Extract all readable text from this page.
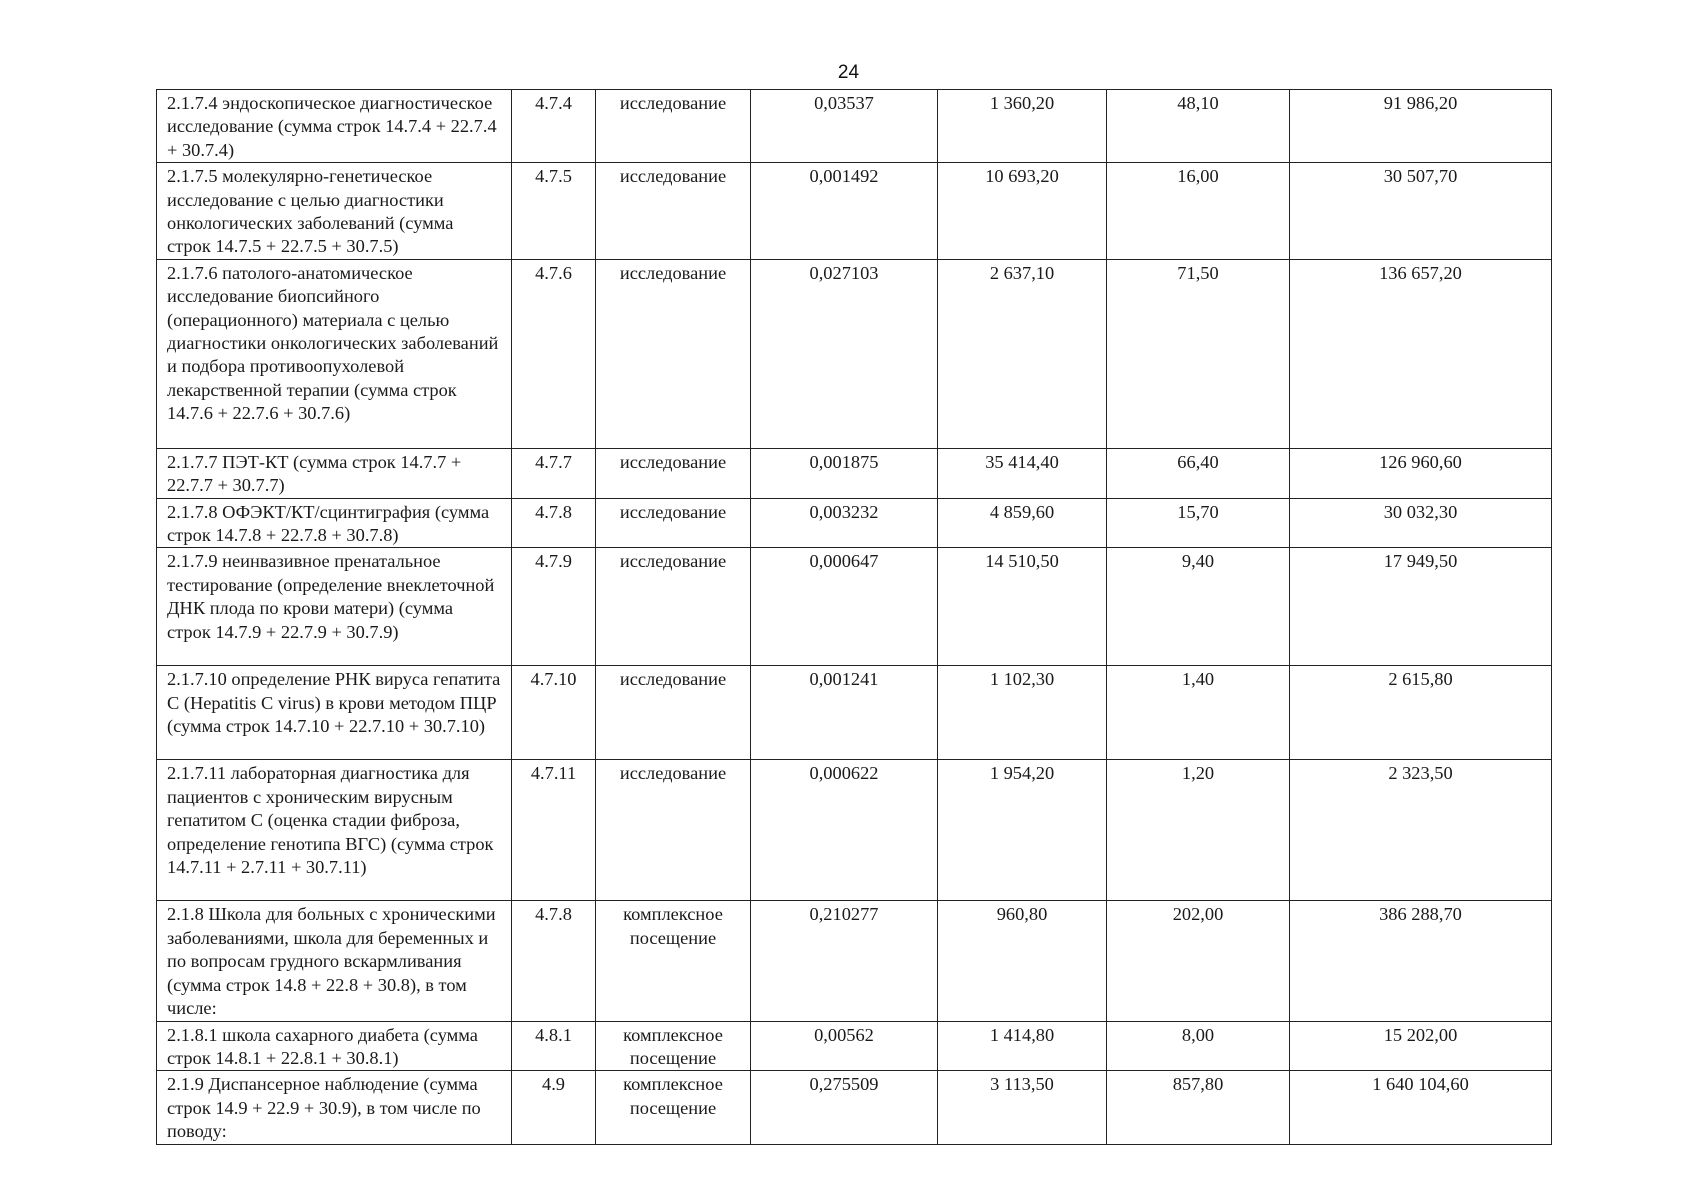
24
2.1.7.4 эндоскопическое диагностическое исследование (сумма строк 14.7.4 + 22.7.4 + 30.7.4)	4.7.4	исследование	0,03537	1 360,20	48,10	91 986,20
2.1.7.5 молекулярно-генетическое исследование с целью диагностики онкологических заболеваний (сумма строк 14.7.5 + 22.7.5 + 30.7.5)	4.7.5	исследование	0,001492	10 693,20	16,00	30 507,70
2.1.7.6 патолого-анатомическое исследование биопсийного (операционного) материала с целью диагностики онкологических заболеваний и подбора противоопухолевой лекарственной терапии (сумма строк 14.7.6 + 22.7.6 + 30.7.6)	4.7.6	исследование	0,027103	2 637,10	71,50	136 657,20
2.1.7.7 ПЭТ-КТ (сумма строк 14.7.7 + 22.7.7 + 30.7.7)	4.7.7	исследование	0,001875	35 414,40	66,40	126 960,60
2.1.7.8 ОФЭКТ/КТ/сцинтиграфия (сумма строк 14.7.8 + 22.7.8 + 30.7.8)	4.7.8	исследование	0,003232	4 859,60	15,70	30 032,30
2.1.7.9 неинвазивное пренатальное тестирование (определение внеклеточной ДНК плода по крови матери) (сумма строк 14.7.9 + 22.7.9 + 30.7.9)	4.7.9	исследование	0,000647	14 510,50	9,40	17 949,50
2.1.7.10 определение РНК вируса гепатита С (Hepatitis C virus) в крови методом ПЦР (сумма строк 14.7.10 + 22.7.10 + 30.7.10)	4.7.10	исследование	0,001241	1 102,30	1,40	2 615,80
2.1.7.11 лабораторная диагностика для пациентов с хроническим вирусным гепатитом С (оценка стадии фиброза, определение генотипа ВГС) (сумма строк 14.7.11 + 2.7.11 + 30.7.11)	4.7.11	исследование	0,000622	1 954,20	1,20	2 323,50
2.1.8 Школа для больных с хроническими заболеваниями, школа для беременных и по вопросам грудного вскармливания (сумма строк 14.8 + 22.8 + 30.8), в том числе:	4.7.8	комплексное посещение	0,210277	960,80	202,00	386 288,70
2.1.8.1 школа сахарного диабета (сумма строк 14.8.1 + 22.8.1 + 30.8.1)	4.8.1	комплексное посещение	0,00562	1 414,80	8,00	15 202,00
2.1.9 Диспансерное наблюдение (сумма строк 14.9 + 22.9 + 30.9), в том числе по поводу:	4.9	комплексное посещение	0,275509	3 113,50	857,80	1 640 104,60
